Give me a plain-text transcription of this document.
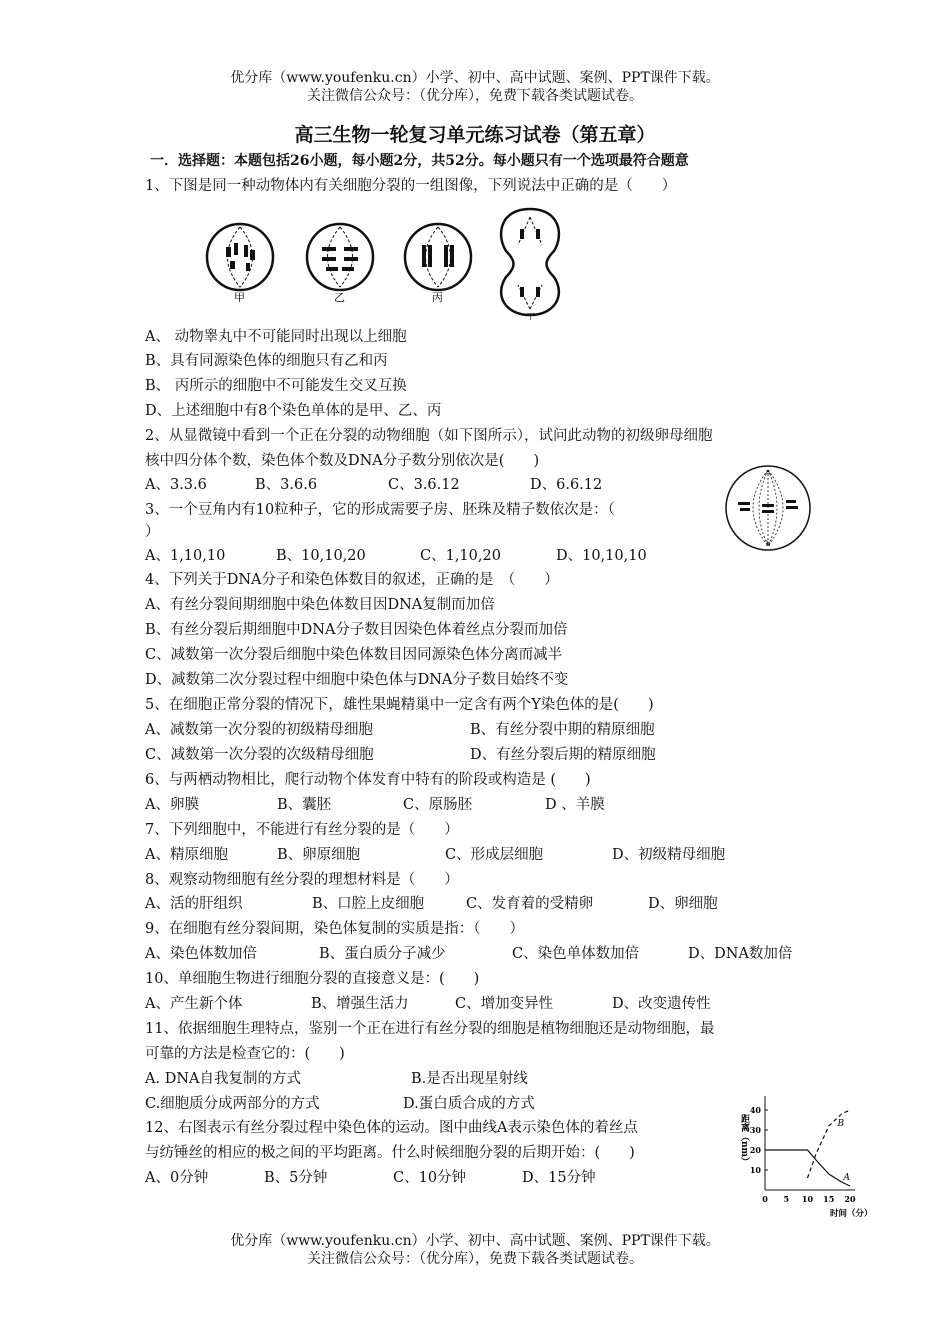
优分库（www.youfenku.cn）小学、初中、高中试题、案例、PPT课件下载。
关注微信公众号：（优分库），免费下载各类试题试卷。
高三生物一轮复习单元练习试卷（第五章）
一．选择题：本题包括26小题，每小题2分，共52分。每小题只有一个选项最符合题意
1、下图是同一种动物体内有关细胞分裂的一组图像，下列说法中正确的是（　　）
甲	乙	丙
丁
A、 动物睾丸中不可能同时出现以上细胞
B、具有同源染色体的细胞只有乙和丙
B、 丙所示的细胞中不可能发生交叉互换
D、上述细胞中有8个染色单体的是甲、乙、丙
2、从显微镜中看到一个正在分裂的动物细胞（如下图所示），试问此动物的初级卵母细胞
核中四分体个数，染色体个数及DNA分子数分别依次是(　　)
A、3.3.6	B、3.6.6	C、3.6.12	D、6.6.12
a
b
3、一个豆角内有10粒种子，它的形成需要子房、胚珠及精子数依次是：（
）
A、1,10,10	B、10,10,20	C、1,10,20	D、10,10,10
4、下列关于DNA分子和染色体数目的叙述，正确的是　（　　）
A、有丝分裂间期细胞中染色体数目因DNA复制而加倍
B、有丝分裂后期细胞中DNA分子数目因染色体着丝点分裂而加倍
C、减数第一次分裂后细胞中染色体数目因同源染色体分离而减半
D、减数第二次分裂过程中细胞中染色体与DNA分子数目始终不变
5、在细胞正常分裂的情况下，雄性果蝇精巢中一定含有两个Y染色体的是(　　)
A、减数第一次分裂的初级精母细胞	B、有丝分裂中期的精原细胞
C、减数第一次分裂的次级精母细胞	D、有丝分裂后期的精原细胞
6、与两栖动物相比，爬行动物个体发育中特有的阶段或构造是 (　　)
A、卵膜	B、囊胚	C、原肠胚	D 、羊膜
7、下列细胞中，不能进行有丝分裂的是（　　）
A、精原细胞	B、卵原细胞	C、形成层细胞	D、初级精母细胞
8、观察动物细胞有丝分裂的理想材料是（　　）
A、活的肝组织	B、口腔上皮细胞	C、发育着的受精卵	D、卵细胞
9、在细胞有丝分裂间期，染色体复制的实质是指：（　　）
A、染色体数加倍	B、蛋白质分子减少	C、染色单体数加倍	D、DNA数加倍
10、单细胞生物进行细胞分裂的直接意义是：(　　)
A、产生新个体	B、增强生活力	C、增加变异性	D、改变遗传性
11、依据细胞生理特点，鉴别一个正在进行有丝分裂的细胞是植物细胞还是动物细胞，最
可靠的方法是检查它的：(　　)
A. DNA自我复制的方式	B.是否出现星射线
C.细胞质分成两部分的方式	D.蛋白质合成的方式
12、右图表示有丝分裂过程中染色体的运动。图中曲线A表示染色体的着丝点
与纺锤丝的相应的极之间的平均距离。什么时候细胞分裂的后期开始：(　　)
A、0分钟	B、5分钟	C、10分钟	D、15分钟
距离（nm）
时间（分）
40
30
20
10
0 5 10 15 20
A
B
优分库（www.youfenku.cn）小学、初中、高中试题、案例、PPT课件下载。
关注微信公众号：（优分库），免费下载各类试题试卷。
